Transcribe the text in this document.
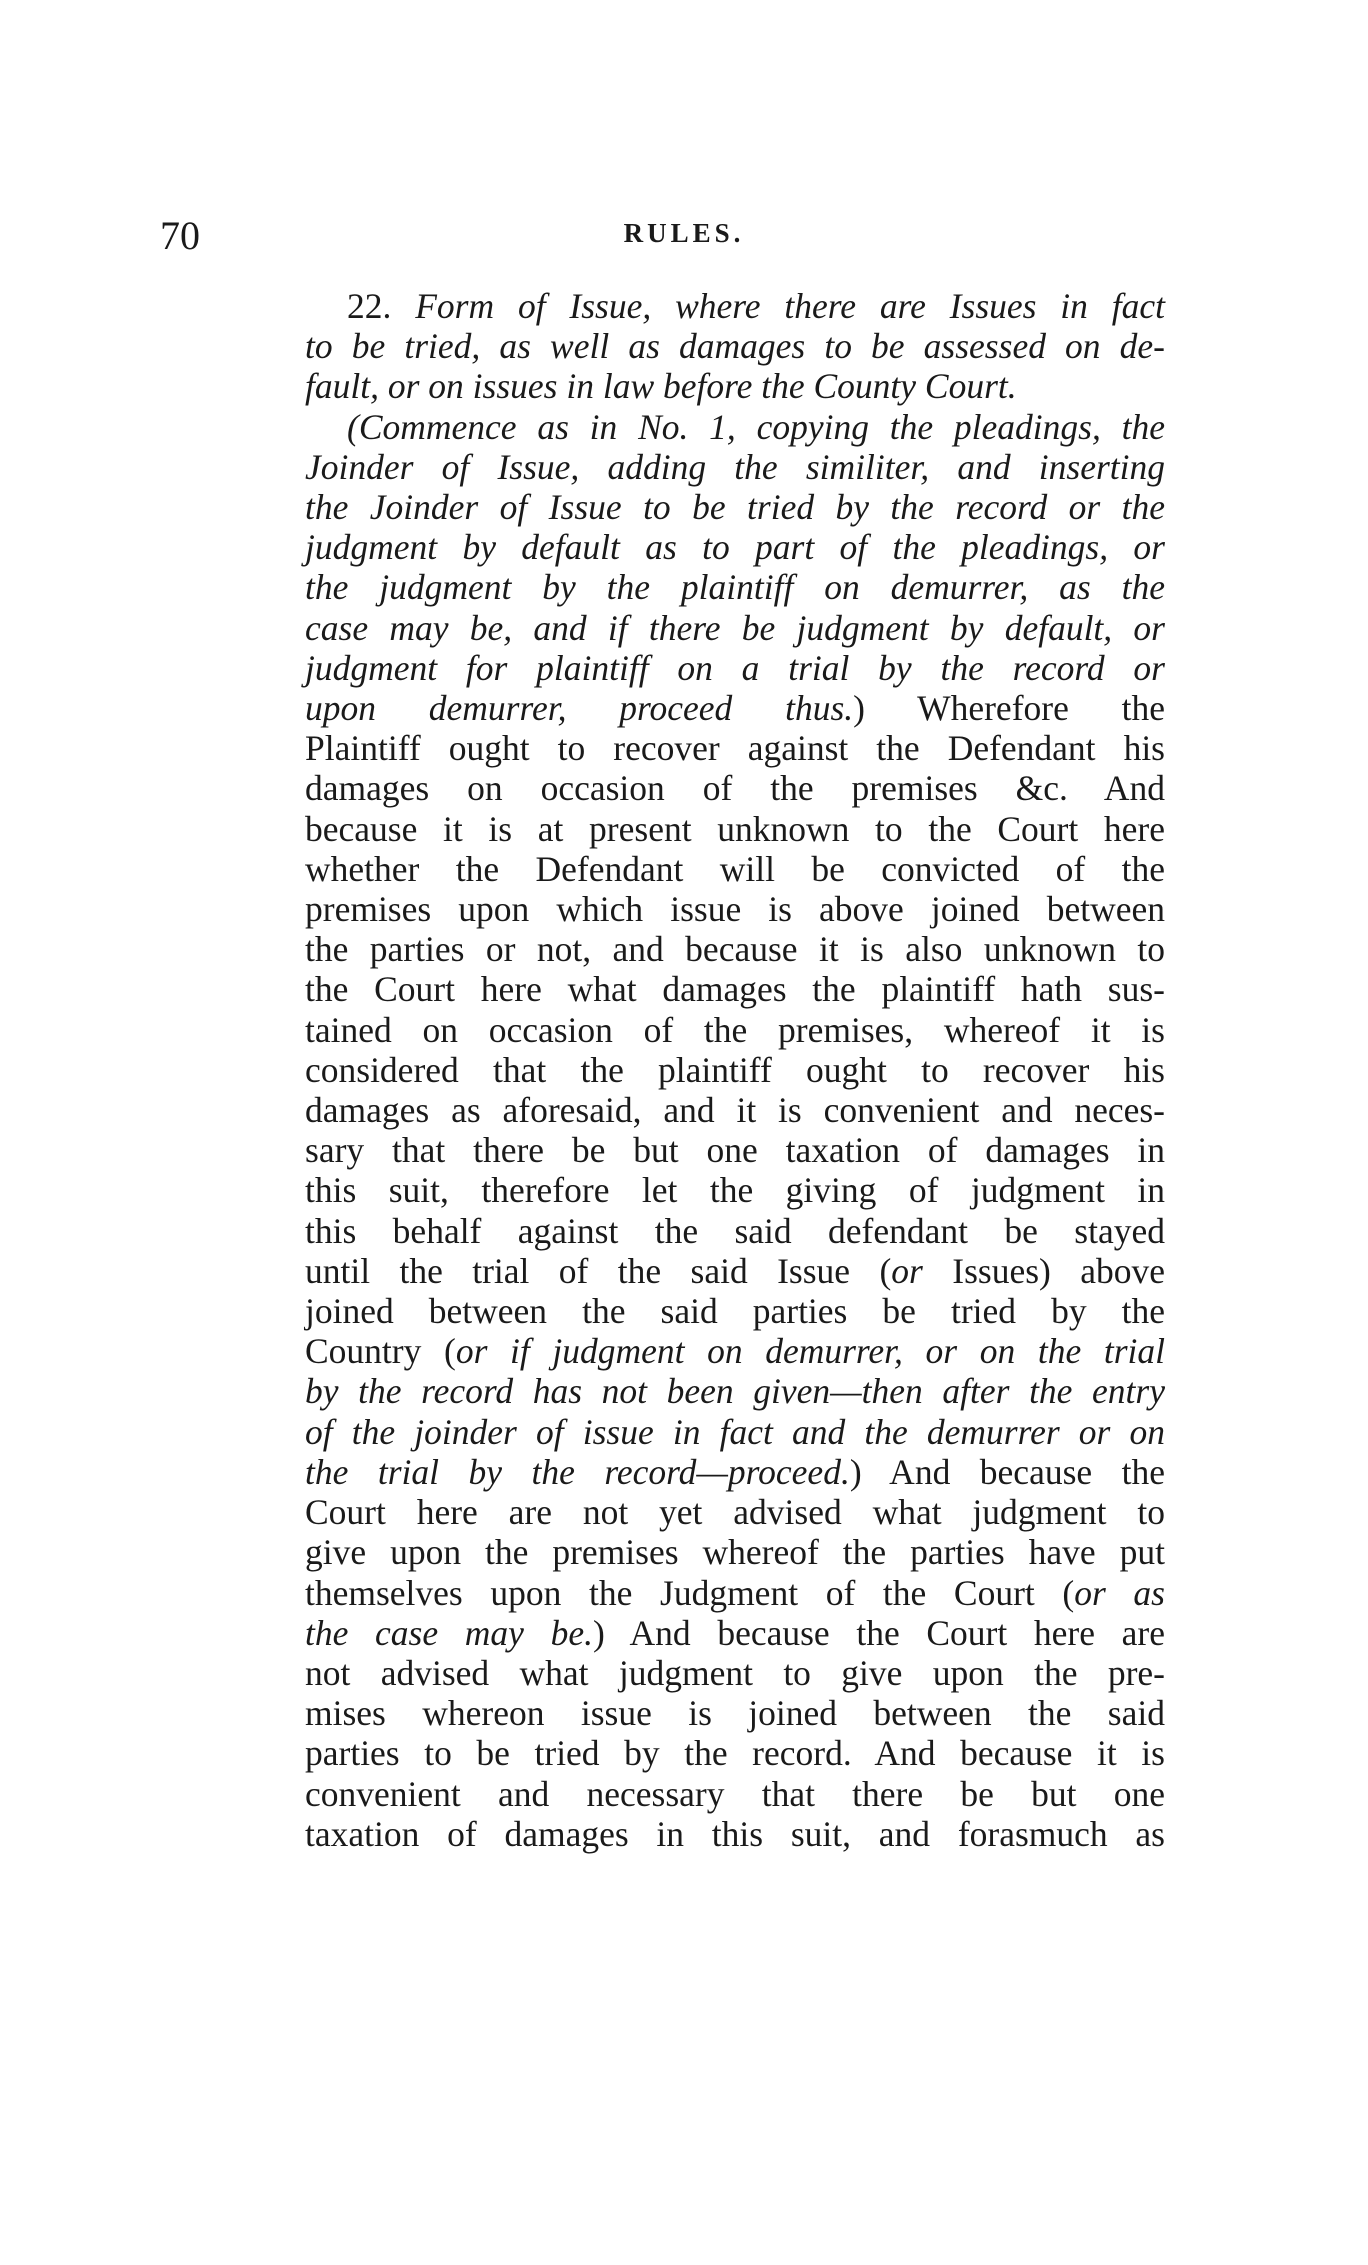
70	RULES.
22. Form of Issue, where there are Issues in fact
to be tried, as well as damages to be assessed on de-
fault, or on issues in law before the County Court.
(Commence as in No. 1, copying the pleadings, the
Joinder of Issue, adding the similiter, and inserting
the Joinder of Issue to be tried by the record or the
judgment by default as to part of the pleadings, or
the judgment by the plaintiff on demurrer, as the
case may be, and if there be judgment by default, or
judgment for plaintiff on a trial by the record or
upon demurrer, proceed thus.) Wherefore the
Plaintiff ought to recover against the Defendant his
damages on occasion of the premises &c. And
because it is at present unknown to the Court here
whether the Defendant will be convicted of the
premises upon which issue is above joined between
the parties or not, and because it is also unknown to
the Court here what damages the plaintiff hath sus-
tained on occasion of the premises, whereof it is
considered that the plaintiff ought to recover his
damages as aforesaid, and it is convenient and neces-
sary that there be but one taxation of damages in
this suit, therefore let the giving of judgment in
this behalf against the said defendant be stayed
until the trial of the said Issue (or Issues) above
joined between the said parties be tried by the
Country (or if judgment on demurrer, or on the trial
by the record has not been given—then after the entry
of the joinder of issue in fact and the demurrer or on
the trial by the record—proceed.) And because the
Court here are not yet advised what judgment to
give upon the premises whereof the parties have put
themselves upon the Judgment of the Court (or as
the case may be.) And because the Court here are
not advised what judgment to give upon the pre-
mises whereon issue is joined between the said
parties to be tried by the record. And because it is
convenient and necessary that there be but one
taxation of damages in this suit, and forasmuch as
